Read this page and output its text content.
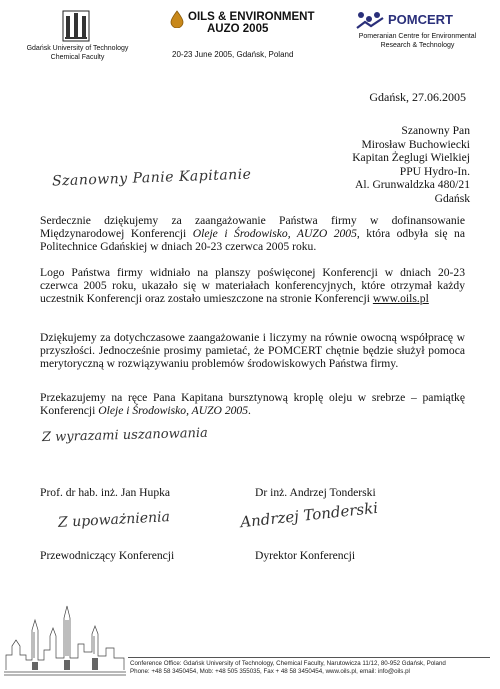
Gdańsk University of Technology
Chemical Faculty
OILS & ENVIRONMENT
AUZO 2005
20-23 June 2005, Gdańsk, Poland
POMCERT
Pomeranian Centre for Environmental
Research & Technology
Gdańsk, 27.06.2005
Szanowny Pan
Mirosław Buchowiecki
Kapitan Żeglugi Wielkiej
PPU Hydro-In.
Al. Grunwaldzka 480/21
Gdańsk
Szanowny Panie Kapitanie
Serdecznie dziękujemy za zaangażowanie Państwa firmy w dofinansowanie Międzynarodowej Konferencji Oleje i Środowisko, AUZO 2005, która odbyła się na Politechnice Gdańskiej w dniach 20-23 czerwca 2005 roku.
Logo Państwa firmy widniało na planszy poświęconej Konferencji w dniach 20-23 czerwca 2005 roku, ukazało się w materiałach konferencyjnych, które otrzymał każdy uczestnik Konferencji oraz zostało umieszczone na stronie Konferencji www.oils.pl
Dziękujemy za dotychczasowe zaangażowanie i liczymy na równie owocną współpracę w przyszłości. Jednocześnie prosimy pamietać, że POMCERT chętnie będzie służył pomoca merytoryczną w rozwiązywaniu problemów środowiskowych Państwa firmy.
Przekazujemy na ręce Pana Kapitana bursztynową kroplę oleju w srebrze – pamiątkę Konferencji Oleje i Środowisko, AUZO 2005.
Z wyrazami uszanowania
Prof. dr hab. inż. Jan Hupka	Dr inż. Andrzej Tonderski
Z upoważnienia	Andrzej Tonderski
Przewodniczący Konferencji	Dyrektor Konferencji
Conference Office: Gdańsk University of Technology, Chemical Faculty, Narutowicza 11/12, 80-952 Gdańsk, Poland
Phone: +48 58 3450454, Mob: +48 505 355035, Fax + 48 58 3450454, www.oils.pl, email: info@oils.pl
